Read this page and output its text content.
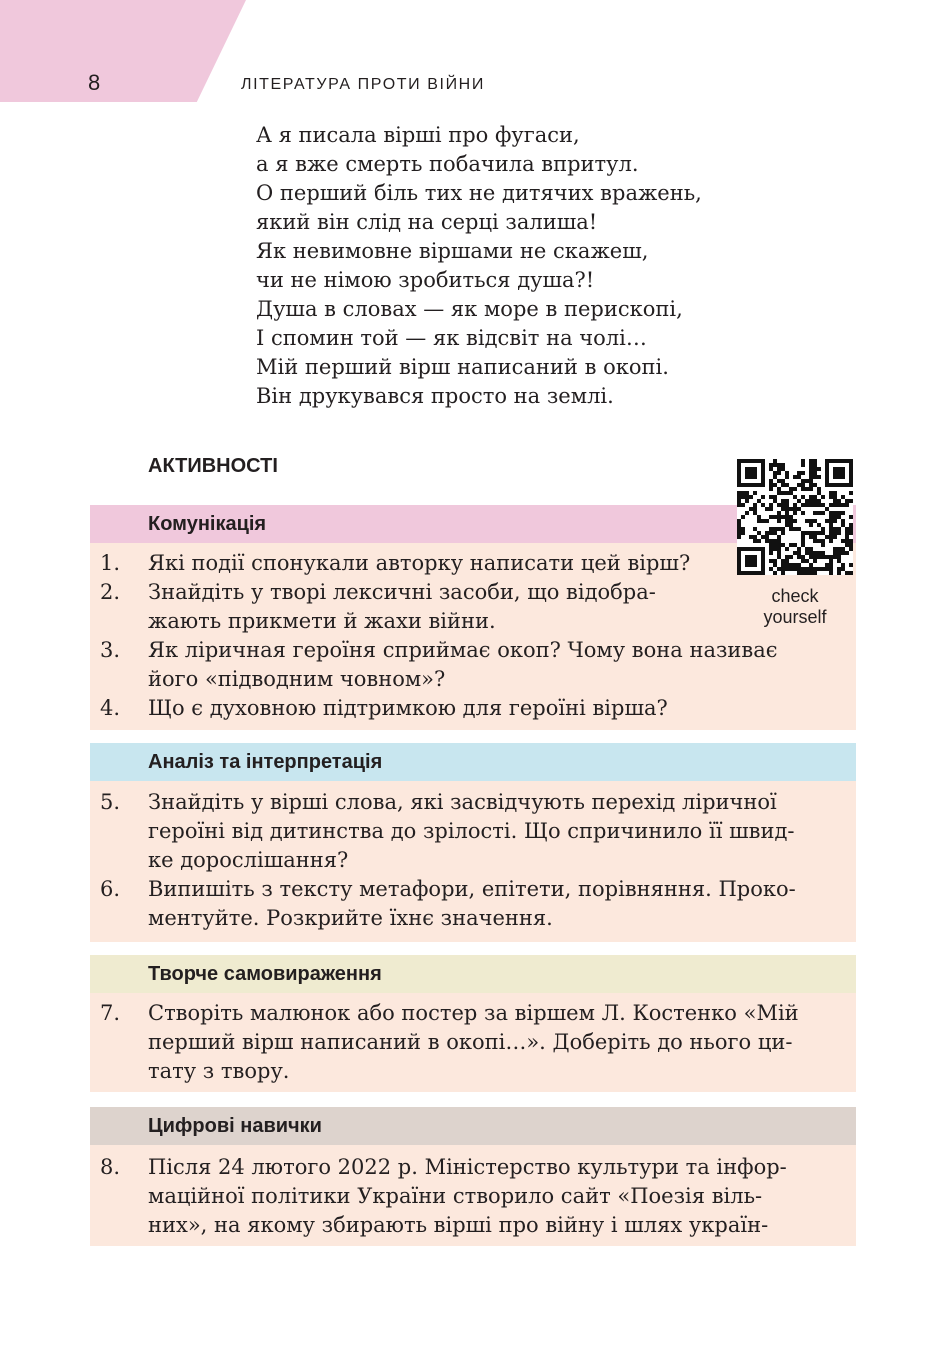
8	ЛІТЕРАТУРА ПРОТИ ВІЙНИ
А я писала вірші про фугаси,
а я вже смерть побачила впритул.
О перший біль тих не дитячих вражень,
який він слід на серці залиша!
Як невимовне віршами не скажеш,
чи не німою зробиться душа?!
Душа в словах — як море в перископі,
І спомин той — як відсвіт на чолі…
Мій перший вірш написаний в окопі.
Він друкувався просто на землі.
АКТИВНОСТІ
Комунікація
1. Які події спонукали авторку написати цей вірш?
2. Знайдіть у творі лексичні засоби, що відобра-
жають прикмети й жахи війни.
3. Як ліричная героїня сприймає окоп? Чому вона називає
його «підводним човном»?
4. Що є духовною підтримкою для героїні вірша?
Аналіз та інтерпретація
5. Знайдіть у вірші слова, які засвідчують перехід ліричної
героїні від дитинства до зрілості. Що спричинило її швид-
ке дорослішання?
6. Випишіть з тексту метафори, епітети, порівняння. Проко-
ментуйте. Розкрийте їхнє значення.
Творче самовираження
7. Створіть малюнок або постер за віршем Л. Костенко «Мій
перший вірш написаний в окопі…». Доберіть до нього ци-
тату з твору.
Цифрові навички
8. Після 24 лютого 2022 р. Міністерство культури та інфор-
маційної політики України створило сайт «Поезія віль-
них», на якому збирають вірші про війну і шлях україн-
check
yourself
